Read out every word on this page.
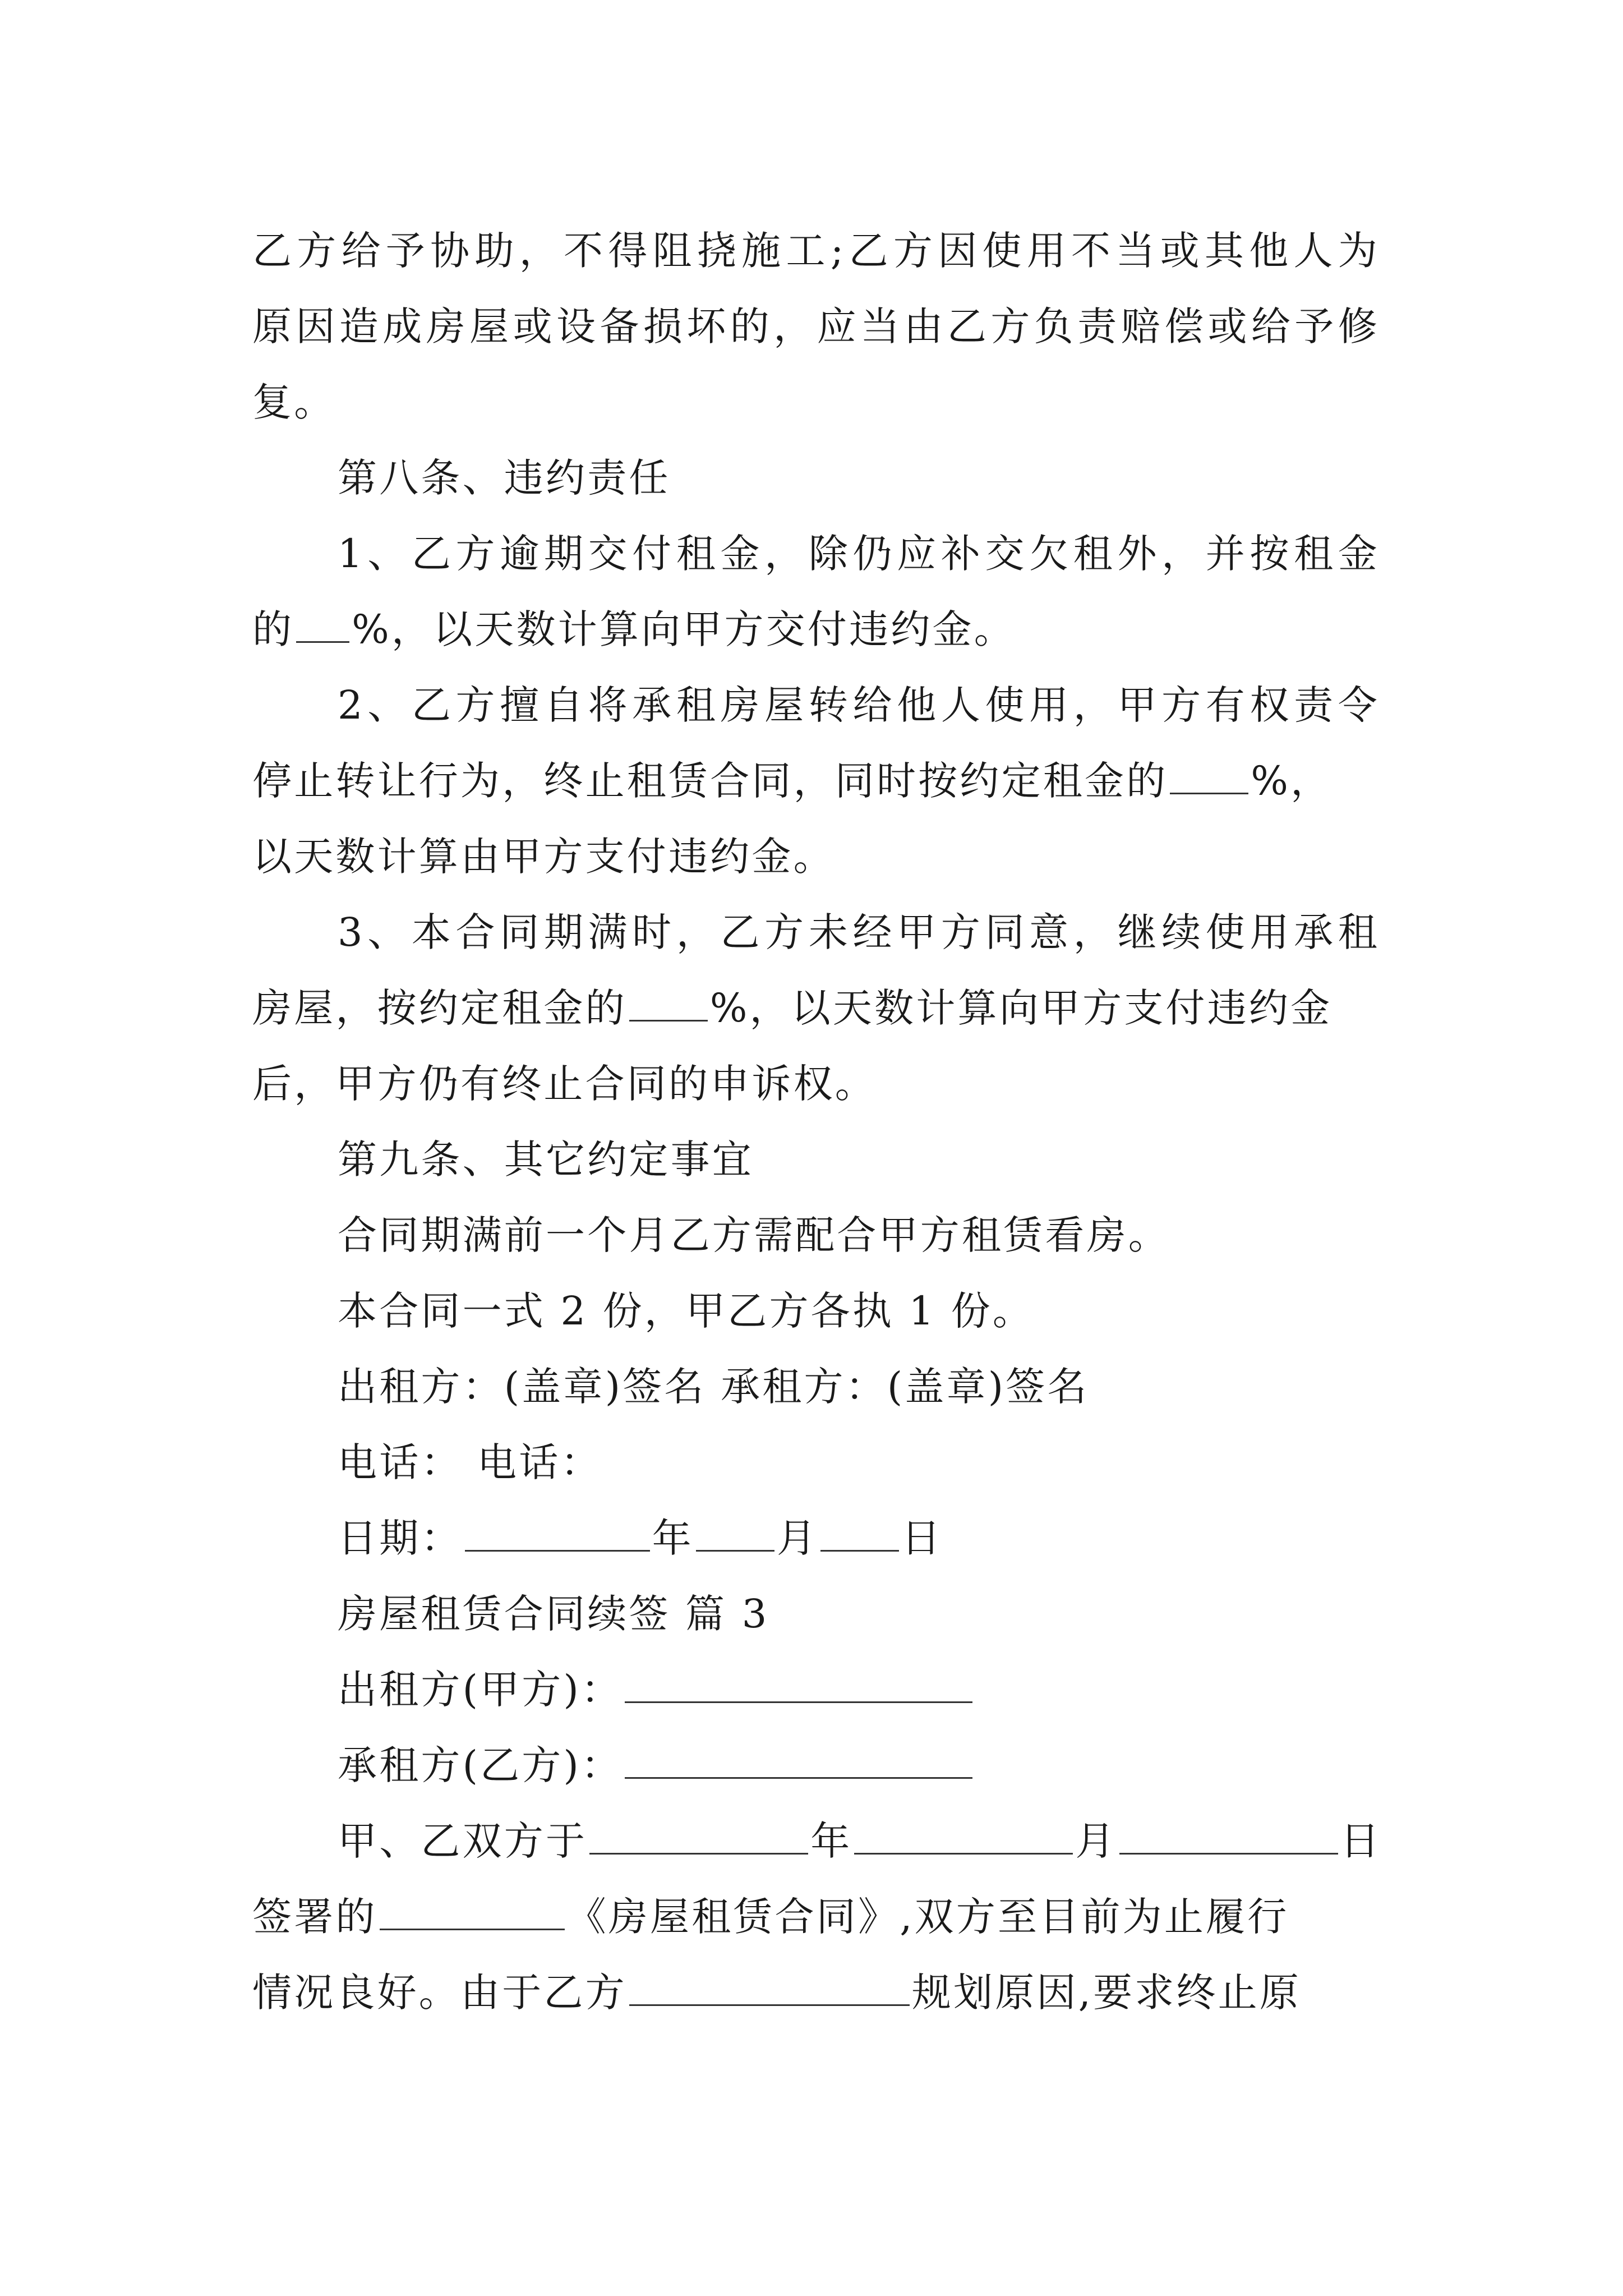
乙方给予协助，不得阻挠施工;乙方因使用不当或其他人为
原因造成房屋或设备损坏的，应当由乙方负责赔偿或给予修
复。
第八条、违约责任
1、乙方逾期交付租金，除仍应补交欠租外，并按租金
的 %，以天数计算向甲方交付违约金。
2、乙方擅自将承租房屋转给他人使用，甲方有权责令
停止转让行为，终止租赁合同，同时按约定租金的 %，
以天数计算由甲方支付违约金。
3、本合同期满时，乙方未经甲方同意，继续使用承租
房屋，按约定租金的 %，以天数计算向甲方支付违约金
后，甲方仍有终止合同的申诉权。
第九条、其它约定事宜
合同期满前一个月乙方需配合甲方租赁看房。
本合同一式 2 份，甲乙方各执 1 份。
出租方：(盖章)签名 承租方：(盖章)签名
电话： 电话：
日期：	年 月 日
房屋租赁合同续签 篇 3
出租方(甲方)：
承租方(乙方)：
甲、乙双方于	年	月	日
签署的	《房屋租赁合同》,双方至目前为止履行
情况良好。由于乙方	规划原因,要求终止原
